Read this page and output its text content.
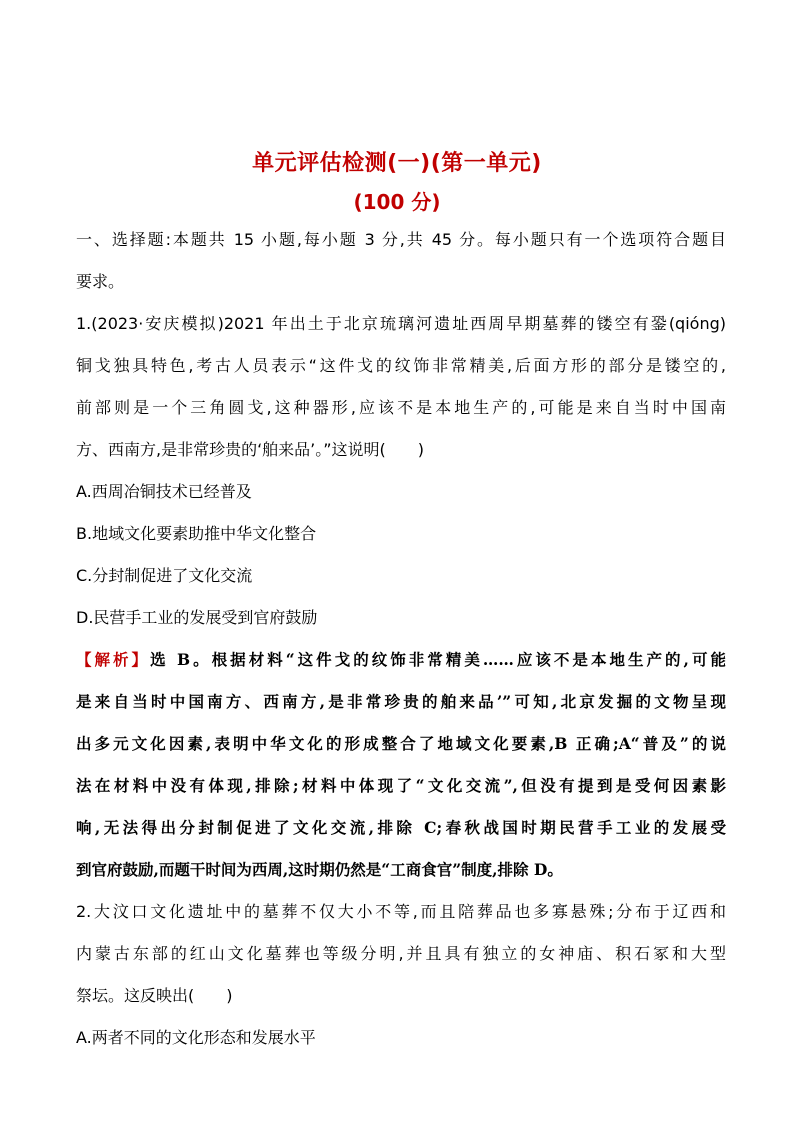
单元评估检测(一)(第一单元)
(100 分)
一、选择题:本题共 15 小题,每小题 3 分,共 45 分。每小题只有一个选项符合题目
要求。
1.(2023·安庆模拟)2021 年出土于北京琉璃河遗址西周早期墓葬的镂空有銎(qióng)
铜戈独具特色,考古人员表示“这件戈的纹饰非常精美,后面方形的部分是镂空的,
前部则是一个三角圆戈,这种器形,应该不是本地生产的,可能是来自当时中国南
方、西南方,是非常珍贵的‘舶来品’。”这说明(　　)
A.西周冶铜技术已经普及
B.地域文化要素助推中华文化整合
C.分封制促进了文化交流
D.民营手工业的发展受到官府鼓励
【解析】选 B。根据材料“这件戈的纹饰非常精美……应该不是本地生产的,可能
是来自当时中国南方、西南方,是非常珍贵的舶来品’”可知,北京发掘的文物呈现
出多元文化因素,表明中华文化的形成整合了地域文化要素,B 正确;A“普及”的说
法在材料中没有体现,排除;材料中体现了“文化交流”,但没有提到是受何因素影
响,无法得出分封制促进了文化交流,排除 C;春秋战国时期民营手工业的发展受
到官府鼓励,而题干时间为西周,这时期仍然是“工商食官”制度,排除 D。
2.大汶口文化遗址中的墓葬不仅大小不等,而且陪葬品也多寡悬殊;分布于辽西和
内蒙古东部的红山文化墓葬也等级分明,并且具有独立的女神庙、积石冢和大型
祭坛。这反映出(　　)
A.两者不同的文化形态和发展水平
